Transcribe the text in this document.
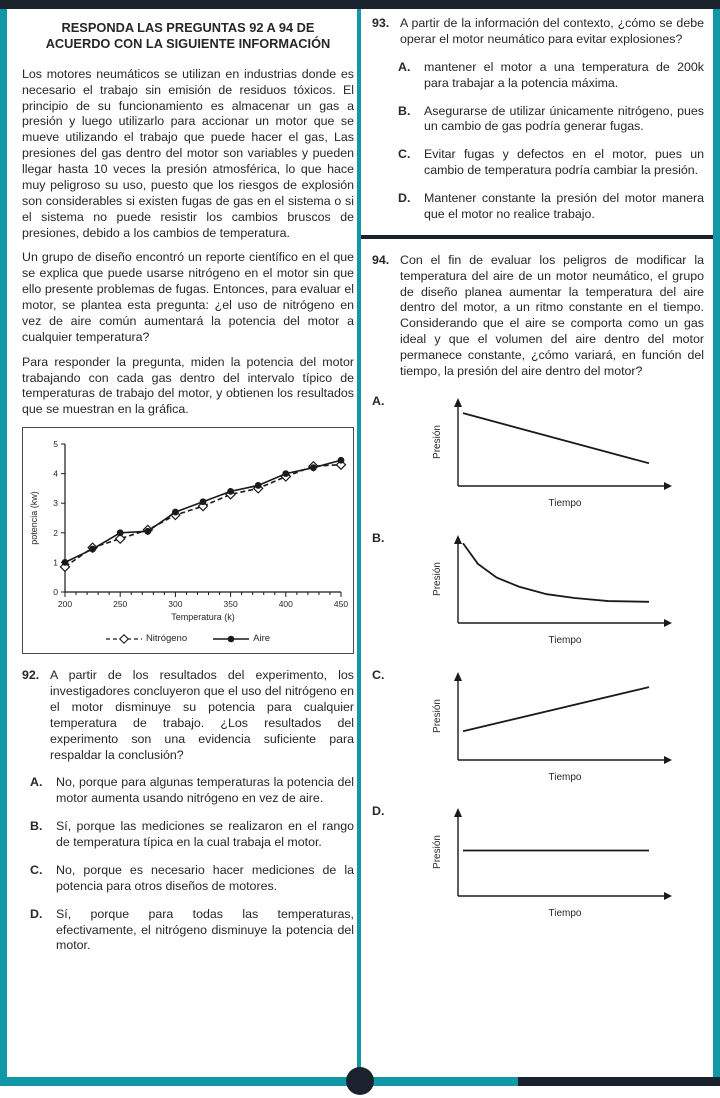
RESPONDA LAS PREGUNTAS 92 A 94 DE ACUERDO CON LA SIGUIENTE INFORMACIÓN

Los motores neumáticos se utilizan en industrias donde es necesario el trabajo sin emisión de residuos tóxicos. El principio de su funcionamiento es almacenar un gas a presión y luego utilizarlo para accionar un motor que se mueve utilizando el trabajo que puede hacer el gas, Las presiones del gas dentro del motor son variables y pueden llegar hasta 10 veces la presión atmosférica, lo que hace muy peligroso su uso, puesto que los riesgos de explosión son considerables si existen fugas de gas en el sistema o si el sistema no puede resistir los cambios bruscos de presiones, debido a los cambios de temperatura.

Un grupo de diseño encontró un reporte científico en el que se explica que puede usarse nitrógeno en el motor sin que ello presente problemas de fugas. Entonces, para evaluar el motor, se plantea esta pregunta: ¿el uso de nitrógeno en vez de aire común aumentará la potencia del motor a cualquier temperatura?

Para responder la pregunta, miden la potencia del motor trabajando con cada gas dentro del intervalo típico de temperaturas de trabajo del motor, y obtienen los resultados que se muestran en la gráfica.

0
1
2
3
4
5
200	250	300	350	400	450
Temperatura (k)
potencia (kw)
Nitrógeno	Aire
92. A partir de los resultados del experimento, los investigadores concluyeron que el uso del nitrógeno en el motor disminuye su potencia para cualquier temperatura de trabajo. ¿Los resultados del experimento son una evidencia suficiente para respaldar la conclusión?
A.	No, porque para algunas temperaturas la potencia del motor aumenta usando nitrógeno en vez de aire.
B.	Sí, porque las mediciones se realizaron en el rango de temperatura típica en la cual trabaja el motor.
C.	No, porque es necesario hacer mediciones de la potencia para otros diseños de motores.
D.	Sí, porque para todas las temperaturas, efectivamente, el nitrógeno disminuye la potencia del motor.
93. A partir de la información del contexto, ¿cómo se debe operar el motor neumático para evitar explosiones?
A.	mantener el motor a una temperatura de 200k para trabajar a la potencia máxima.
B.	Asegurarse de utilizar únicamente nitrógeno, pues un cambio de gas podría generar fugas.
C.	Evitar fugas y defectos en el motor, pues un cambio de temperatura podría cambiar la presión.
D.	Mantener constante la presión del motor manera que el motor no realice trabajo.
94. Con el fin de evaluar los peligros de modificar la temperatura del aire de un motor neumático, el grupo de diseño planea aumentar la temperatura del aire dentro del motor, a un ritmo constante en el tiempo. Considerando que el aire se comporta como un gas ideal y que el volumen del aire dentro del motor permanece constante, ¿cómo variará, en función del tiempo, la presión del aire dentro del motor?
A.
Tiempo
Presión
B.
Tiempo
Presión
C.
Tiempo
Presión
D.
Tiempo
Presión
